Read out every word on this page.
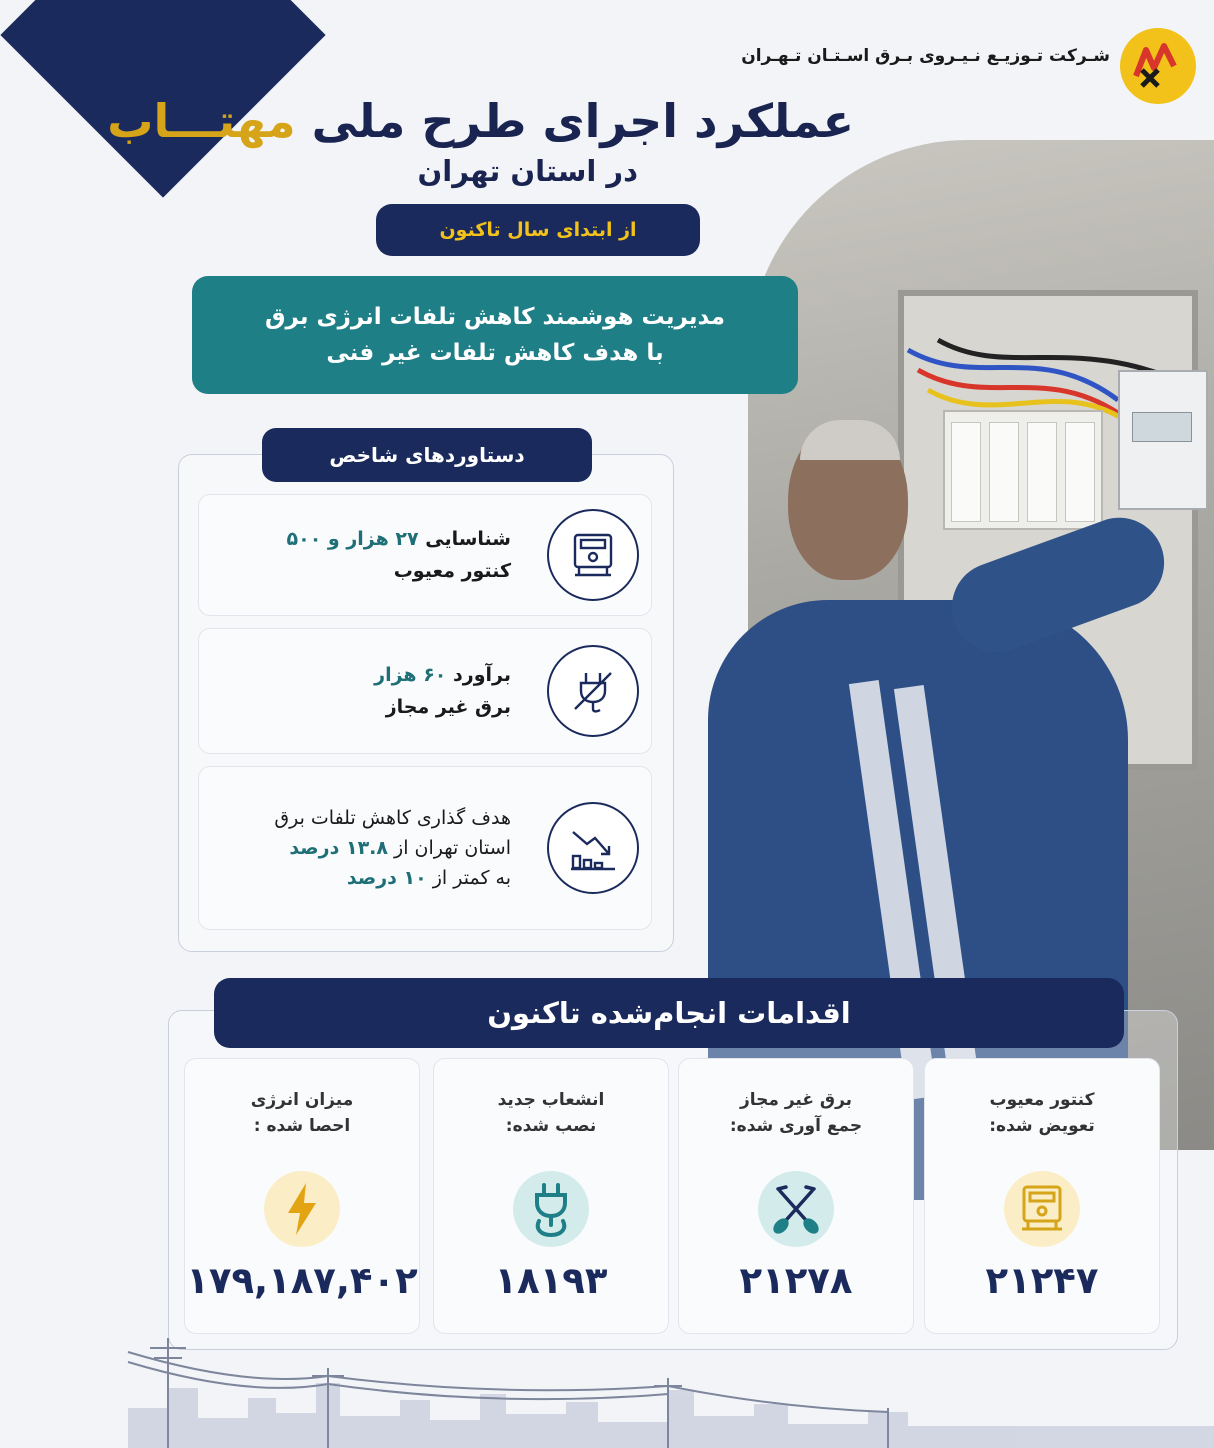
شـرکت تـوزیـع نـیـروی بـرق اسـتـان تـهـران
عملکرد اجرای طرح ملی مهتـــاب
در استان تهران
از ابتدای سال تاکنون
مدیریت هوشمند کاهش تلفات انرژی برق
با هدف کاهش تلفات غیر فنی
دستاوردهای شاخص
شناسایی ۲۷ هزار و ۵۰۰
کنتور معیوب
برآورد ۶۰ هزار
برق غیر مجاز
هدف گذاری کاهش تلفات برق
استان تهران از ۱۳.۸ درصد
به کمتر از ۱۰ درصد
اقدامات انجام‌شده تاکنون
کنتور معیوب
تعویض شده:
۲۱۲۴۷
برق غیر مجاز
جمع آوری شده:
۲۱۲۷۸
انشعاب جدید
نصب شده:
۱۸۱۹۳
میزان انرژی
احصا شده :
۱۷۹,۱۸۷,۴۰۲
